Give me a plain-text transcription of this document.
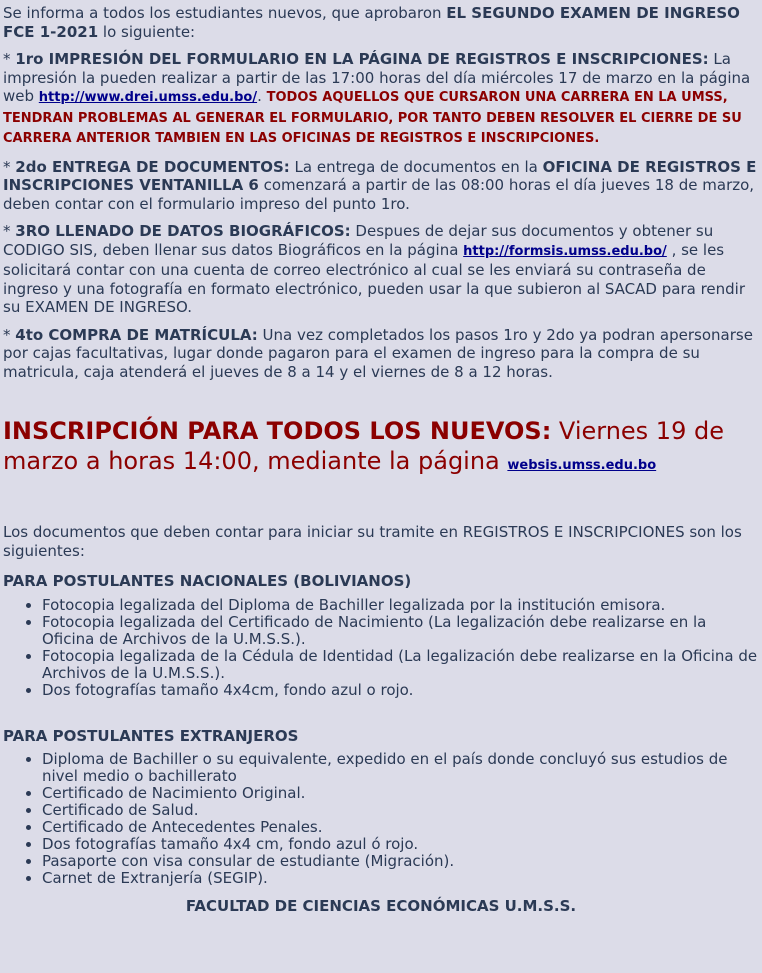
Se informa a todos los estudiantes nuevos, que aprobaron EL SEGUNDO EXAMEN DE INGRESO FCE 1-2021 lo siguiente:

* 1ro IMPRESIÓN DEL FORMULARIO EN LA PÁGINA DE REGISTROS E INSCRIPCIONES: La impresión la pueden realizar a partir de las 17:00 horas del día miércoles 17 de marzo en la página web http://www.drei.umss.edu.bo/. TODOS AQUELLOS QUE CURSARON UNA CARRERA EN LA UMSS, TENDRAN PROBLEMAS AL GENERAR EL FORMULARIO, POR TANTO DEBEN RESOLVER EL CIERRE DE SU CARRERA ANTERIOR TAMBIEN EN LAS OFICINAS DE REGISTROS E INSCRIPCIONES.

* 2do ENTREGA DE DOCUMENTOS: La entrega de documentos en la OFICINA DE REGISTROS E INSCRIPCIONES VENTANILLA 6 comenzará a partir de las 08:00 horas el día jueves 18 de marzo, deben contar con el formulario impreso del punto 1ro.

* 3RO LLENADO DE DATOS BIOGRÁFICOS: Despues de dejar sus documentos y obtener su CODIGO SIS, deben llenar sus datos Biográficos en la página http://formsis.umss.edu.bo/ , se les solicitará contar con una cuenta de correo electrónico al cual se les enviará su contraseña de ingreso y una fotografía en formato electrónico, pueden usar la que subieron al SACAD para rendir su EXAMEN DE INGRESO.

* 4to COMPRA DE MATRÍCULA: Una vez completados los pasos 1ro y 2do ya podran apersonarse por cajas facultativas, lugar donde pagaron para el examen de ingreso para la compra de su matricula, caja atenderá el jueves de 8 a 14 y el viernes de 8 a 12 horas.

INSCRIPCIÓN PARA TODOS LOS NUEVOS: Viernes 19 de marzo a horas 14:00, mediante la página websis.umss.edu.bo

Los documentos que deben contar para iniciar su tramite en REGISTROS E INSCRIPCIONES son los siguientes:

PARA POSTULANTES NACIONALES (BOLIVIANOS)

• Fotocopia legalizada del Diploma de Bachiller legalizada por la institución emisora.
• Fotocopia legalizada del Certificado de Nacimiento (La legalización debe realizarse en la Oficina de Archivos de la U.M.S.S.).
• Fotocopia legalizada de la Cédula de Identidad (La legalización debe realizarse en la Oficina de Archivos de la U.M.S.S.).
• Dos fotografías tamaño 4x4cm, fondo azul o rojo.

PARA POSTULANTES EXTRANJEROS

• Diploma de Bachiller o su equivalente, expedido en el país donde concluyó sus estudios de nivel medio o bachillerato
• Certificado de Nacimiento Original.
• Certificado de Salud.
• Certificado de Antecedentes Penales.
• Dos fotografías tamaño 4x4 cm, fondo azul ó rojo.
• Pasaporte con visa consular de estudiante (Migración).
• Carnet de Extranjería (SEGIP).

FACULTAD DE CIENCIAS ECONÓMICAS U.M.S.S.
